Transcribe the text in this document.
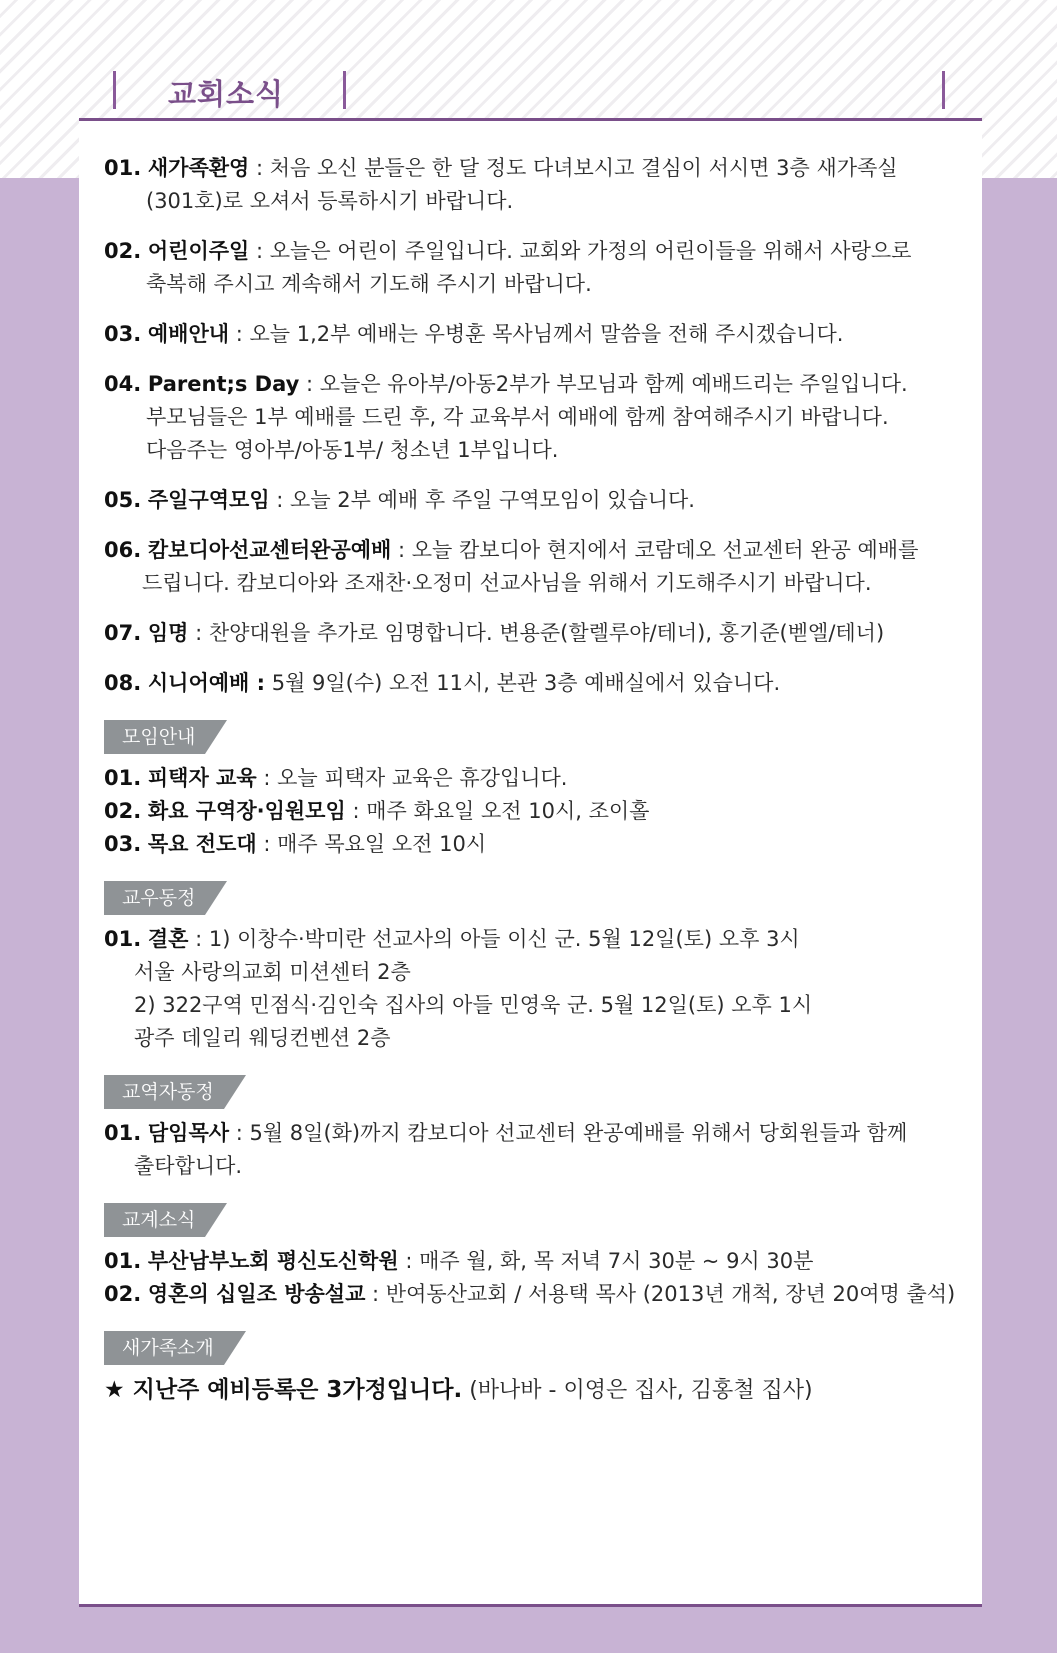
교회소식
01. 새가족환영 : 처음 오신 분들은 한 달 정도 다녀보시고 결심이 서시면 3층 새가족실
(301호)로 오셔서 등록하시기 바랍니다.
02. 어린이주일 : 오늘은 어린이 주일입니다. 교회와 가정의 어린이들을 위해서 사랑으로
축복해 주시고 계속해서 기도해 주시기 바랍니다.
03. 예배안내 : 오늘 1,2부 예배는 우병훈 목사님께서 말씀을 전해 주시겠습니다.
04. Parent;s Day : 오늘은 유아부/아동2부가 부모님과 함께 예배드리는 주일입니다.
부모님들은 1부 예배를 드린 후, 각 교육부서 예배에 함께 참여해주시기 바랍니다.
다음주는 영아부/아동1부/ 청소년 1부입니다.
05. 주일구역모임 : 오늘 2부 예배 후 주일 구역모임이 있습니다.
06. 캄보디아선교센터완공예배 : 오늘 캄보디아 현지에서 코람데오 선교센터 완공 예배를
드립니다. 캄보디아와 조재찬·오정미 선교사님을 위해서 기도해주시기 바랍니다.
07. 임명 : 찬양대원을 추가로 임명합니다. 변용준(할렐루야/테너), 홍기준(벧엘/테너)
08. 시니어예배 : 5월 9일(수) 오전 11시, 본관 3층 예배실에서 있습니다.
모임안내
01. 피택자 교육 : 오늘 피택자 교육은 휴강입니다.
02. 화요 구역장·임원모임 : 매주 화요일 오전 10시, 조이홀
03. 목요 전도대 : 매주 목요일 오전 10시
교우동정
01. 결혼 : 1) 이창수·박미란 선교사의 아들 이신 군. 5월 12일(토) 오후 3시
서울 사랑의교회 미션센터 2층
2) 322구역 민점식·김인숙 집사의 아들 민영욱 군. 5월 12일(토) 오후 1시
광주 데일리 웨딩컨벤션 2층
교역자동정
01. 담임목사 : 5월 8일(화)까지 캄보디아 선교센터 완공예배를 위해서 당회원들과 함께
출타합니다.
교계소식
01. 부산남부노회 평신도신학원 : 매주 월, 화, 목 저녁 7시 30분 ~ 9시 30분
02. 영혼의 십일조 방송설교 : 반여동산교회 / 서용택 목사 (2013년 개척, 장년 20여명 출석)
새가족소개
★ 지난주 예비등록은 3가정입니다. (바나바 - 이영은 집사, 김홍철 집사)
